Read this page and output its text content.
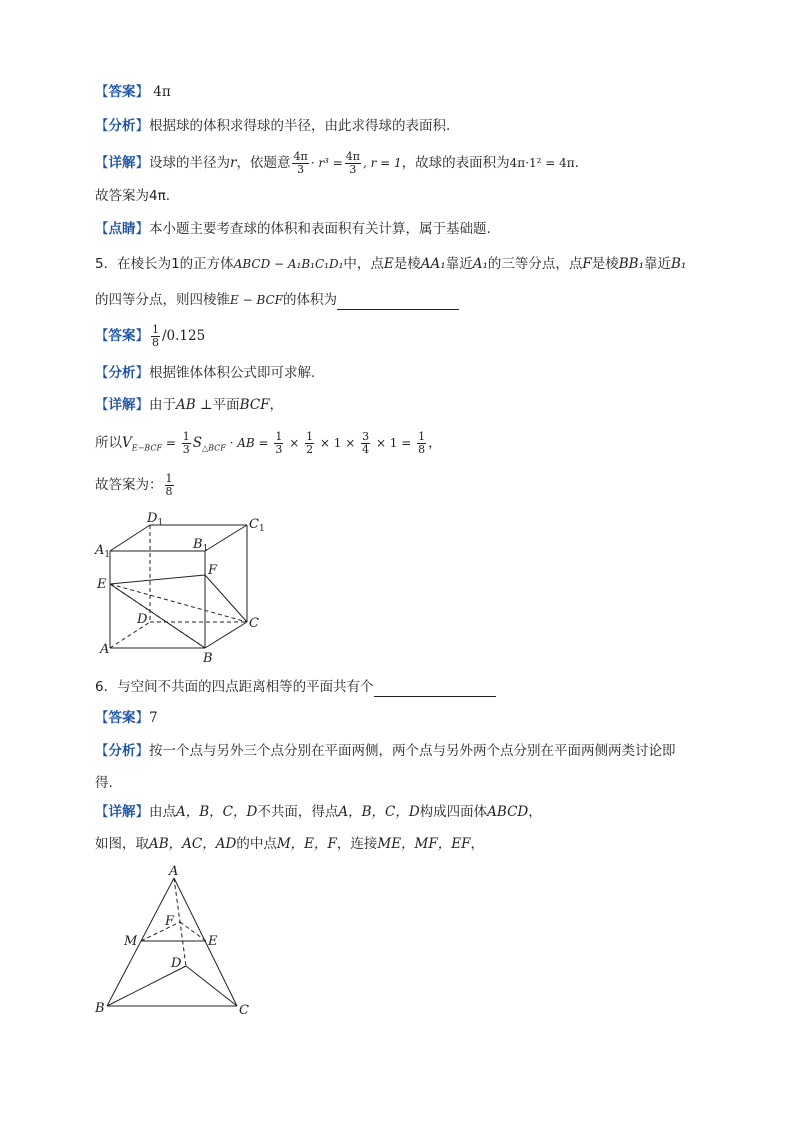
【答案】 4π
【分析】根据球的体积求得球的半径，由此求得球的表面积.
【详解】设球的半径为r，依题意 $\frac{4\pi}{3} \cdot r^3 = \frac{4\pi}{3}$ , r = 1，故球的表面积为4π·1² = 4π.
故答案为4π.
【点睛】本小题主要考查球的体积和表面积有关计算，属于基础题.
5．在棱长为1的正方体ABCD − A₁B₁C₁D₁中，点E是棱AA₁靠近A₁的三等分点，点F是棱BB₁靠近B₁
的四等分点，则四棱锥E − BCF的体积为
【答案】 $\frac{1}{8} /0.125$
【分析】根据锥体体积公式即可求解.
【详解】由于AB ⊥平面BCF，
所以$V_{E-BCF} = \frac{1}{3} S_{\triangle BCF}$ · AB = $\frac{1}{3} \times \frac{1}{2} \times 1 \times \frac{3}{4} \times 1 = \frac{1}{8}$ ，
故答案为： $\frac{1}{8}$
$D_1$	$C_1$
$A_1$
$B_1$
F
E
D	C
A
B
6．与空间不共面的四点距离相等的平面共有个
【答案】7
【分析】按一个点与另外三个点分别在平面两侧，两个点与另外两个点分别在平面两侧两类讨论即
得.
【详解】由点A，B，C，D不共面，得点A，B，C，D构成四面体ABCD，
如图，取AB，AC，AD的中点M，E，F，连接ME，MF，EF，
A
F
M	E
D
B	C
